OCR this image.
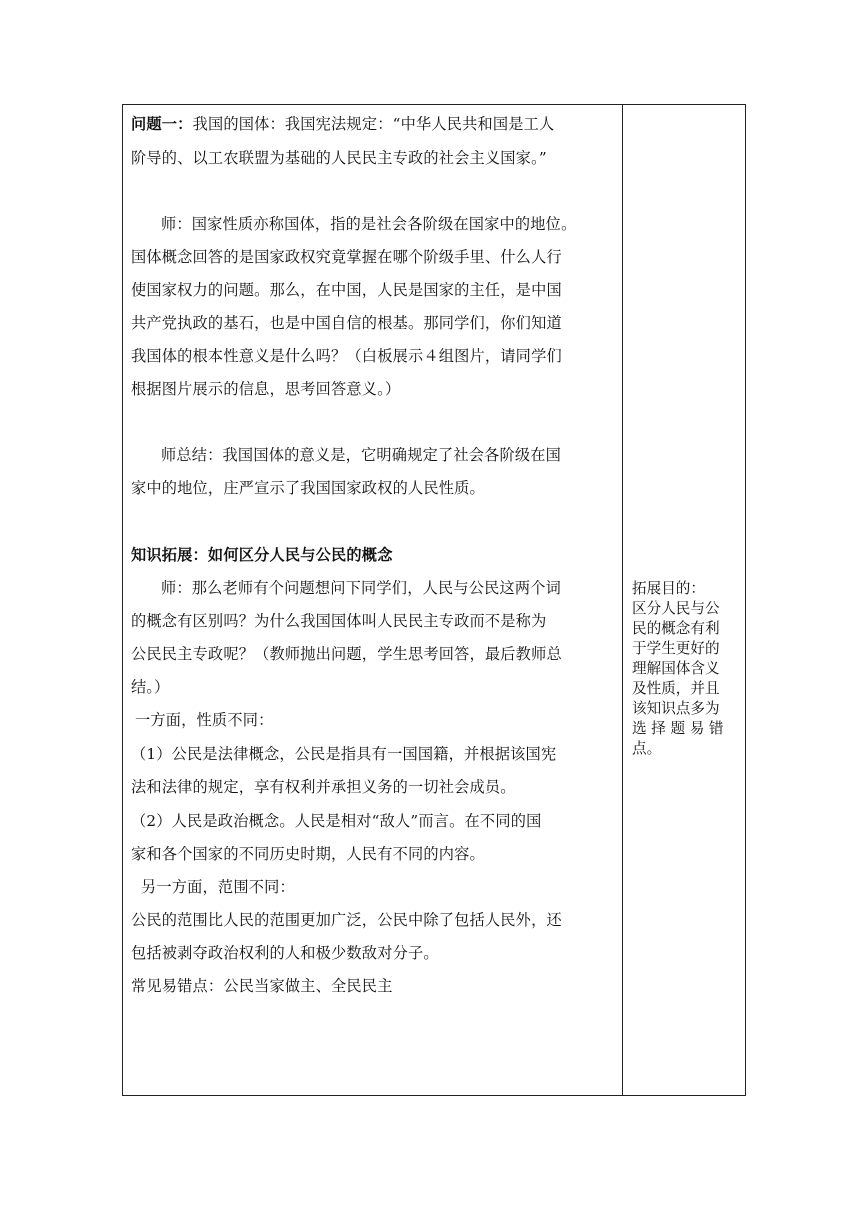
问题一：我国的国体：我国宪法规定：“中华人民共和国是工人
阶导的、以工农联盟为基础的人民民主专政的社会主义国家。”
师：国家性质亦称国体，指的是社会各阶级在国家中的地位。
国体概念回答的是国家政权究竟掌握在哪个阶级手里、什么人行
使国家权力的问题。那么，在中国，人民是国家的主任，是中国
共产党执政的基石，也是中国自信的根基。那同学们，你们知道
我国体的根本性意义是什么吗？（白板展示４组图片，请同学们
根据图片展示的信息，思考回答意义。）
师总结：我国国体的意义是，它明确规定了社会各阶级在国
家中的地位，庄严宣示了我国国家政权的人民性质。
知识拓展：如何区分人民与公民的概念
师：那么老师有个问题想问下同学们，人民与公民这两个词
的概念有区别吗？为什么我国国体叫人民民主专政而不是称为
公民民主专政呢？（教师抛出问题，学生思考回答，最后教师总
结。）
一方面，性质不同：
（1）公民是法律概念，公民是指具有一国国籍，并根据该国宪
法和法律的规定，享有权利并承担义务的一切社会成员。
（2）人民是政治概念。人民是相对“敌人”而言。在不同的国
家和各个国家的不同历史时期，人民有不同的内容。
另一方面，范围不同：
公民的范围比人民的范围更加广泛，公民中除了包括人民外，还
包括被剥夺政治权利的人和极少数敌对分子。
常见易错点：公民当家做主、全民民主
拓展目的：
区分人民与公
民的概念有利
于学生更好的
理解国体含义
及性质，并且
该知识点多为
选 择 题 易 错
点。
